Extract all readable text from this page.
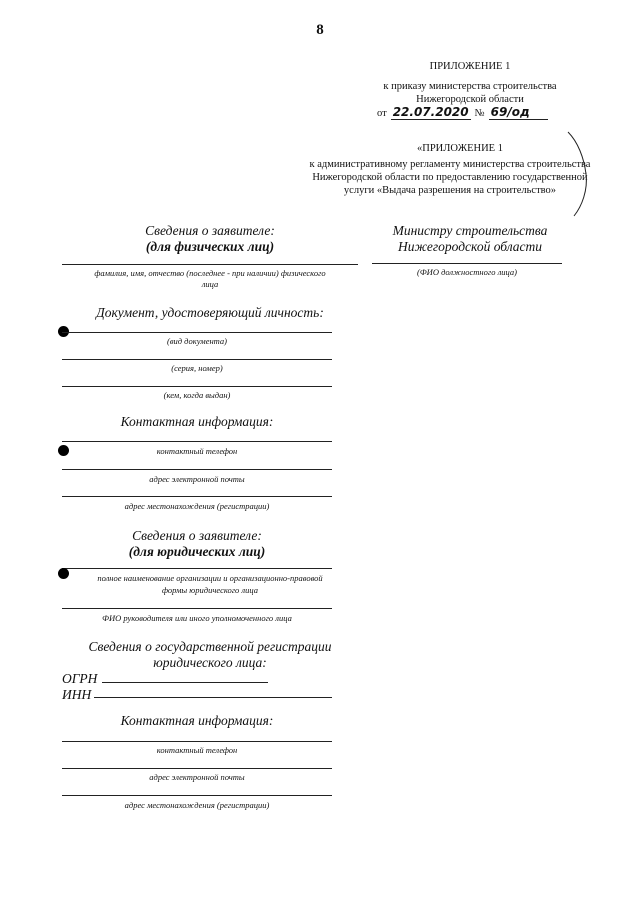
8
ПРИЛОЖЕНИЕ 1
к приказу министерства строительства
Нижегородской области
от 22.07.2020 № 69/од
«ПРИЛОЖЕНИЕ 1
к административному регламенту министерства строительства
Нижегородской области по предоставлению государственной
услуги «Выдача разрешения на строительство»
Сведения о заявителе:
(для физических лиц)
Министру строительства
Нижегородской области
(ФИО должностного лица)
фамилия, имя, отчество (последнее - при наличии) физического
лица
Документ, удостоверяющий личность:
(вид документа)
(серия, номер)
(кем, когда выдан)
Контактная информация:
контактный телефон
адрес электронной почты
адрес местонахождения (регистрации)
Сведения о заявителе:
(для юридических лиц)
полное наименование организации и организационно-правовой
формы юридического лица
ФИО руководителя или иного уполномоченного лица
Сведения о государственной регистрации
юридического лица:
ОГРН
ИНН
Контактная информация:
контактный телефон
адрес электронной почты
адрес местонахождения (регистрации)
